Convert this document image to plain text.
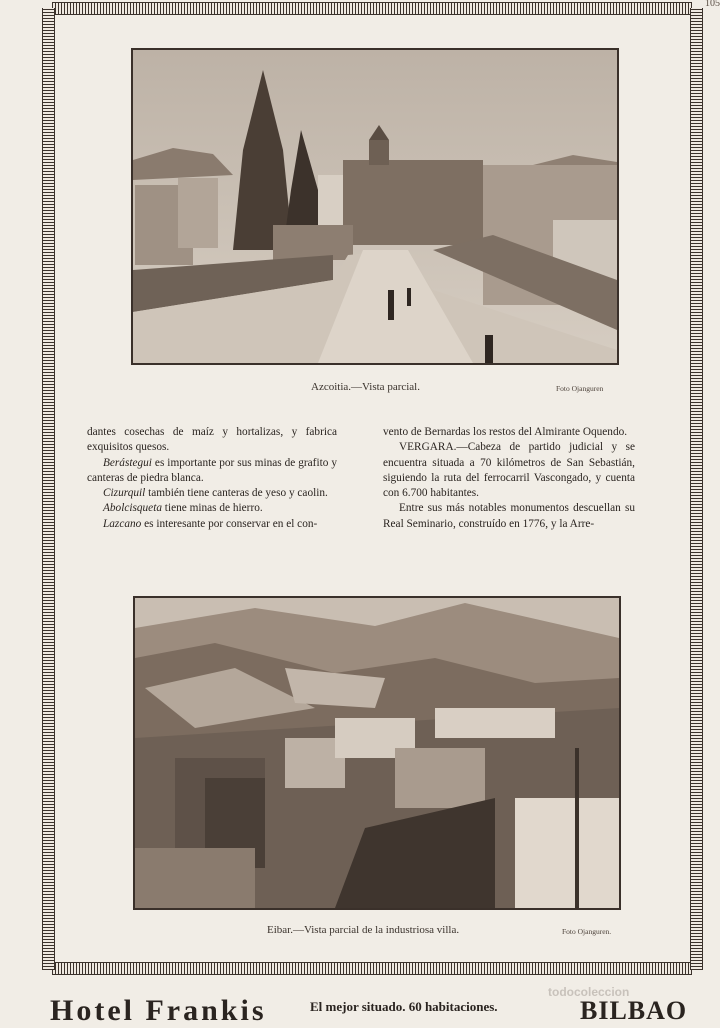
105
Azcoitia.—Vista parcial.	Foto Ojanguren

dantes cosechas de maíz y hortalizas, y fabrica exquisitos quesos.

Berástegui es importante por sus minas de grafito y canteras de piedra blanca.

Cizurquil también tiene canteras de yeso y caolin.

Abolcisqueta tiene minas de hierro.

Lazcano es interesante por conservar en el con-

vento de Bernardas los restos del Almirante Oquendo.

VERGARA.—Cabeza de partido judicial y se encuentra situada a 70 kilómetros de San Sebastián, siguiendo la ruta del ferrocarril Vascongado, y cuenta con 6.700 habitantes.

Entre sus más notables monumentos descuellan su Real Seminario, construído en 1776, y la Arre-

Eibar.—Vista parcial de la industriosa villa.	Foto Ojanguren.
Hotel Frankis	El mejor situado. 60 habitaciones.	BILBAO
todocoleccion
